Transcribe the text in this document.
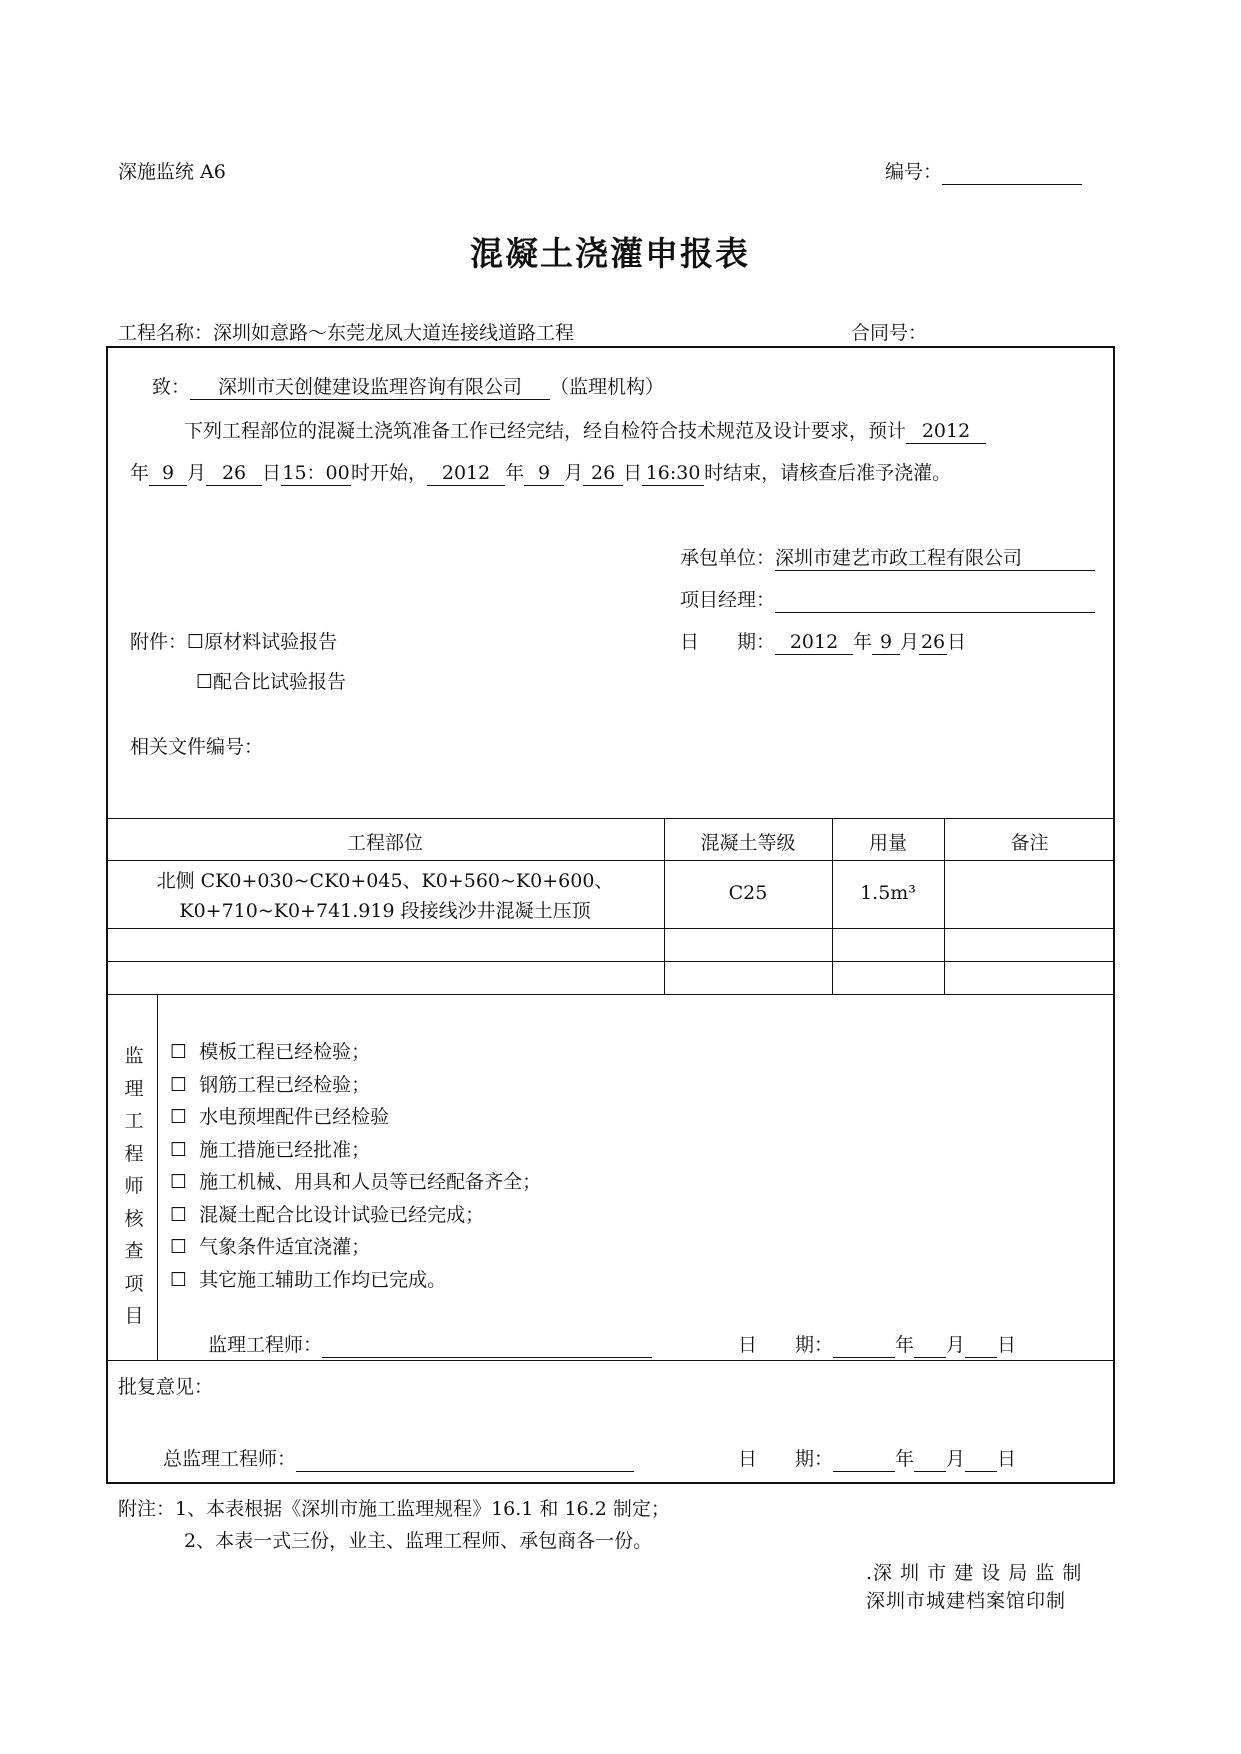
深施监统 A6	编号：
混凝土浇灌申报表
工程名称：深圳如意路～东莞龙凤大道连接线道路工程	合同号：
致： 深圳市天创健建设监理咨询有限公司 （监理机构）
下列工程部位的混凝土浇筑准备工作已经完结，经自检符合技术规范及设计要求，预计 2012
年 9 月 26 日15：00时开始， 2012 年 9 月 26 日 16:30 时结束，请核查后准予浇灌。
承包单位：深圳市建艺市政工程有限公司
项目经理：
日　　期： 2012 年 9 月 26 日
附件：☐原材料试验报告
☐配合比试验报告
相关文件编号：
工程部位	混凝土等级	用量	备注
北侧 CK0+030~CK0+045、K0+560~K0+600、
K0+710~K0+741.919 段接线沙井混凝土压顶
C25	1.5m³
监
理
工
程
师
核
查
项
目
☐ 模板工程已经检验；
☐ 钢筋工程已经检验；
☐ 水电预埋配件已经检验
☐ 施工措施已经批准；
☐ 施工机械、用具和人员等已经配备齐全；
☐ 混凝土配合比设计试验已经完成；
☐ 气象条件适宜浇灌；
☐ 其它施工辅助工作均已完成。
监理工程师：	日　　期：	年 月 日
批复意见：
总监理工程师：	日　　期：	年 月 日
附注：1、本表根据《深圳市施工监理规程》16.1 和 16.2 制定；
2、本表一式三份，业主、监理工程师、承包商各一份。
.深 圳 市 建 设 局 监 制
深圳市城建档案馆印制
